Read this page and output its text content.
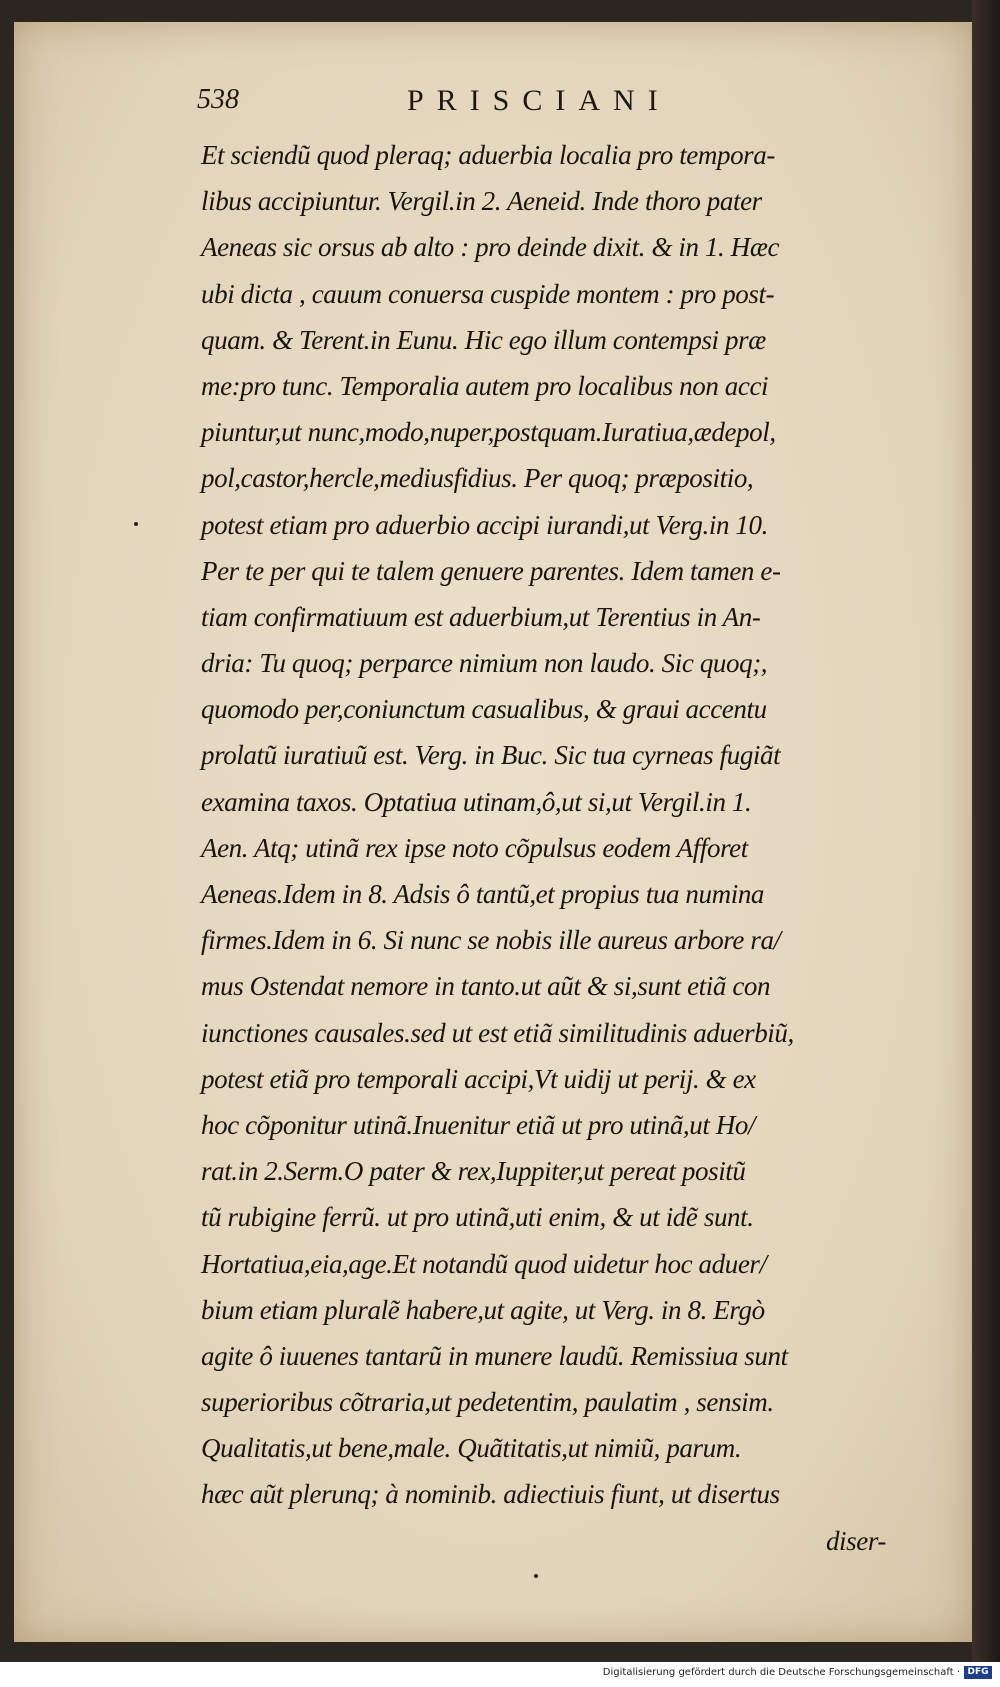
538	PRISCIANI
Et sciendũ quod pleraq; aduerbia localia pro tempora-
libus accipiuntur. Vergil.in 2. Aeneid. Inde thoro pater
Aeneas sic orsus ab alto : pro deinde dixit. & in 1. Hæc
ubi dicta , cauum conuersa cuspide montem : pro post-
quam. & Terent.in Eunu. Hic ego illum contempsi præ
me:pro tunc. Temporalia autem pro localibus non acci
piuntur,ut nunc,modo,nuper,postquam.Iuratiua,ædepol,
pol,castor,hercle,mediusfidius. Per quoq; præpositio,
potest etiam pro aduerbio accipi iurandi,ut Verg.in 10.
Per te per qui te talem genuere parentes. Idem tamen e-
tiam confirmatiuum est aduerbium,ut Terentius in An-
dria: Tu quoq; perparce nimium non laudo. Sic quoq;,
quomodo per,coniunctum casualibus, & graui accentu
prolatũ iuratiuũ est. Verg. in Buc. Sic tua cyrneas fugiãt
examina taxos. Optatiua utinam,ô,ut si,ut Vergil.in 1.
Aen. Atq; utinã rex ipse noto cõpulsus eodem Afforet
Aeneas.Idem in 8. Adsis ô tantũ,et propius tua numina
firmes.Idem in 6. Si nunc se nobis ille aureus arbore ra/
mus Ostendat nemore in tanto.ut aũt & si,sunt etiã con
iunctiones causales.sed ut est etiã similitudinis aduerbiũ,
potest etiã pro temporali accipi,Vt uidij ut perij. & ex
hoc cõponitur utinã.Inuenitur etiã ut pro utinã,ut Ho/
rat.in 2.Serm.O pater & rex,Iuppiter,ut pereat positũ
tũ rubigine ferrũ. ut pro utinã,uti enim, & ut idẽ sunt.
Hortatiua,eia,age.Et notandũ quod uidetur hoc aduer/
bium etiam pluralẽ habere,ut agite, ut Verg. in 8. Ergò
agite ô iuuenes tantarũ in munere laudũ. Remissiua sunt
superioribus cõtraria,ut pedetentim, paulatim , sensim.
Qualitatis,ut bene,male. Quãtitatis,ut nimiũ, parum.
hæc aũt plerunq; à nominib. adiectiuis fiunt, ut disertus
diser-
Digitalisierung gefördert durch die Deutsche Forschungsgemeinschaft · DFG
